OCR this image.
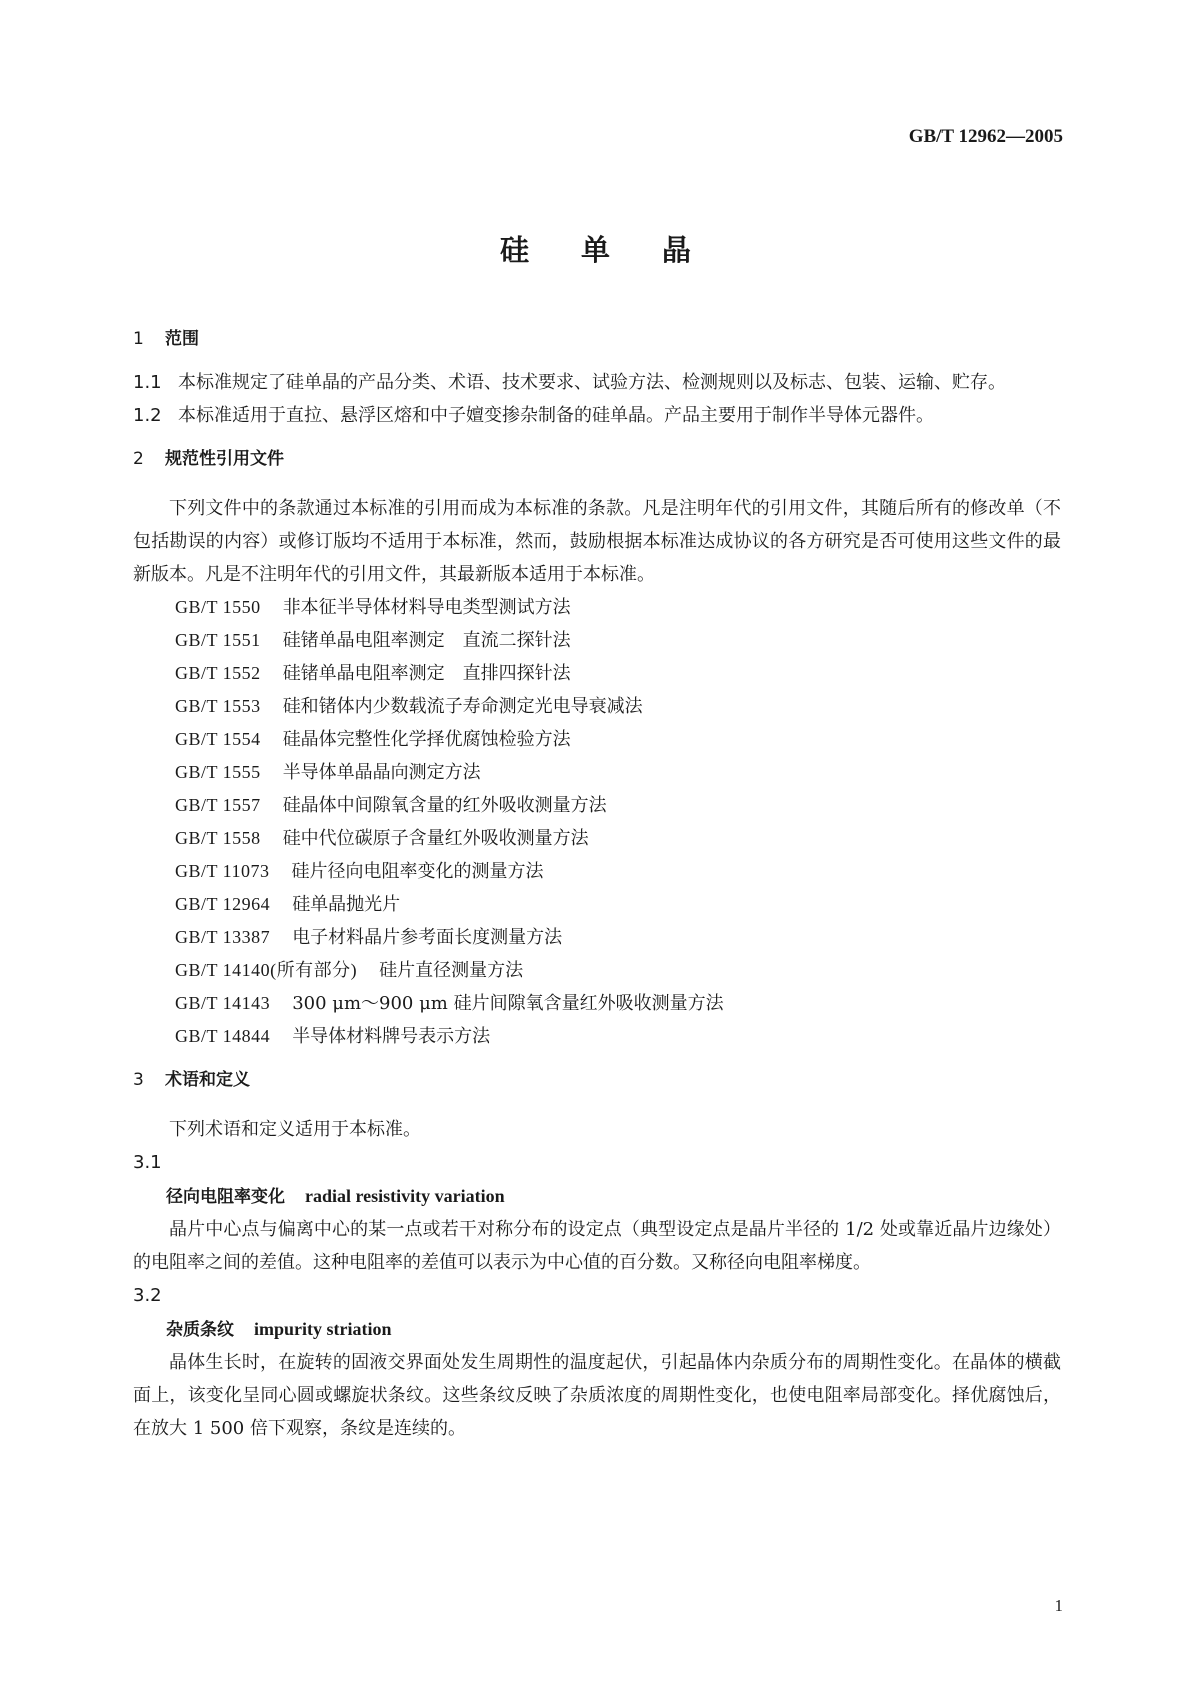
GB/T 12962—2005
硅单晶
1 范围
1.1 本标准规定了硅单晶的产品分类、术语、技术要求、试验方法、检测规则以及标志、包装、运输、贮存。
1.2 本标准适用于直拉、悬浮区熔和中子嬗变掺杂制备的硅单晶。产品主要用于制作半导体元器件。
2 规范性引用文件
下列文件中的条款通过本标准的引用而成为本标准的条款。凡是注明年代的引用文件，其随后所有的修改单（不包括勘误的内容）或修订版均不适用于本标准，然而，鼓励根据本标准达成协议的各方研究是否可使用这些文件的最新版本。凡是不注明年代的引用文件，其最新版本适用于本标准。
GB/T 1550 非本征半导体材料导电类型测试方法
GB/T 1551 硅锗单晶电阻率测定　直流二探针法
GB/T 1552 硅锗单晶电阻率测定　直排四探针法
GB/T 1553 硅和锗体内少数载流子寿命测定光电导衰减法
GB/T 1554 硅晶体完整性化学择优腐蚀检验方法
GB/T 1555 半导体单晶晶向测定方法
GB/T 1557 硅晶体中间隙氧含量的红外吸收测量方法
GB/T 1558 硅中代位碳原子含量红外吸收测量方法
GB/T 11073 硅片径向电阻率变化的测量方法
GB/T 12964 硅单晶抛光片
GB/T 13387 电子材料晶片参考面长度测量方法
GB/T 14140(所有部分) 硅片直径测量方法
GB/T 14143 300 μm～900 μm 硅片间隙氧含量红外吸收测量方法
GB/T 14844 半导体材料牌号表示方法
3 术语和定义
下列术语和定义适用于本标准。
3.1
径向电阻率变化 radial resistivity variation
晶片中心点与偏离中心的某一点或若干对称分布的设定点（典型设定点是晶片半径的 1/2 处或靠近晶片边缘处）的电阻率之间的差值。这种电阻率的差值可以表示为中心值的百分数。又称径向电阻率梯度。
3.2
杂质条纹 impurity striation
晶体生长时，在旋转的固液交界面处发生周期性的温度起伏，引起晶体内杂质分布的周期性变化。在晶体的横截面上，该变化呈同心圆或螺旋状条纹。这些条纹反映了杂质浓度的周期性变化，也使电阻率局部变化。择优腐蚀后，在放大 1 500 倍下观察，条纹是连续的。
1
